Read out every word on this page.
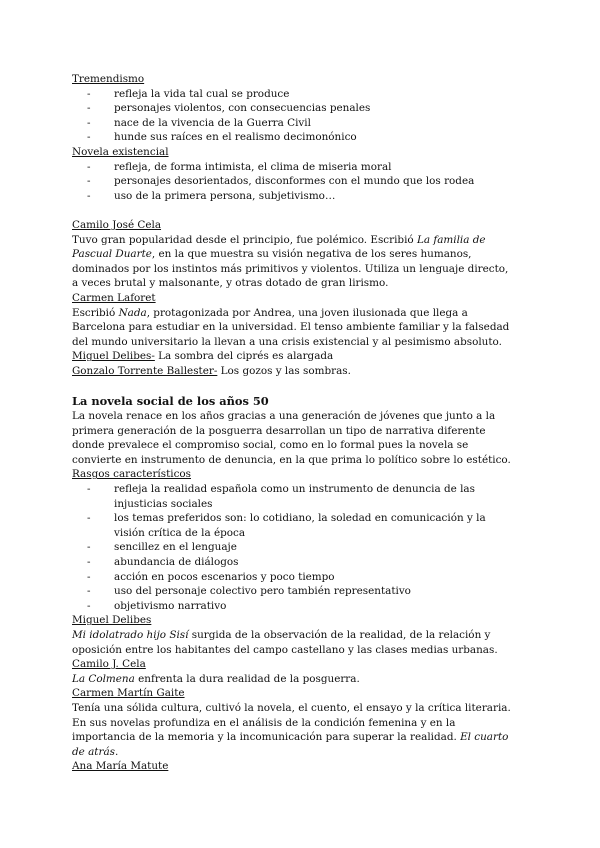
Tremendismo
- refleja la vida tal cual se produce
- personajes violentos, con consecuencias penales
- nace de la vivencia de la Guerra Civil
- hunde sus raíces en el realismo decimonónico
Novela existencial
- refleja, de forma intimista, el clima de miseria moral
- personajes desorientados, disconformes con el mundo que los rodea
- uso de la primera persona, subjetivismo…
Camilo José Cela

Tuvo gran popularidad desde el principio, fue polémico. Escribió La familia de Pascual Duarte, en la que muestra su visión negativa de los seres humanos, dominados por los instintos más primitivos y violentos. Utiliza un lenguaje directo, a veces brutal y malsonante, y otras dotado de gran lirismo.

Carmen Laforet

Escribió Nada, protagonizada por Andrea, una joven ilusionada que llega a Barcelona para estudiar en la universidad. El tenso ambiente familiar y la falsedad del mundo universitario la llevan a una crisis existencial y al pesimismo absoluto.

Miguel Delibes- La sombra del ciprés es alargada

Gonzalo Torrente Ballester- Los gozos y las sombras.

La novela social de los años 50

La novela renace en los años gracias a una generación de jóvenes que junto a la primera generación de la posguerra desarrollan un tipo de narrativa diferente donde prevalece el compromiso social, como en lo formal pues la novela se convierte en instrumento de denuncia, en la que prima lo político sobre lo estético.

Rasgos característicos
- refleja la realidad española como un instrumento de denuncia de las injusticias sociales
- los temas preferidos son: lo cotidiano, la soledad en comunicación y la visión crítica de la época
- sencillez en el lenguaje
- abundancia de diálogos
- acción en pocos escenarios y poco tiempo
- uso del personaje colectivo pero también representativo
- objetivismo narrativo
Miguel Delibes

Mi idolatrado hijo Sisí surgida de la observación de la realidad, de la relación y oposición entre los habitantes del campo castellano y las clases medias urbanas.

Camilo J. Cela

La Colmena enfrenta la dura realidad de la posguerra.

Carmen Martín Gaite

Tenía una sólida cultura, cultivó la novela, el cuento, el ensayo y la crítica literaria. En sus novelas profundiza en el análisis de la condición femenina y en la importancia de la memoria y la incomunicación para superar la realidad. El cuarto de atrás.

Ana María Matute
